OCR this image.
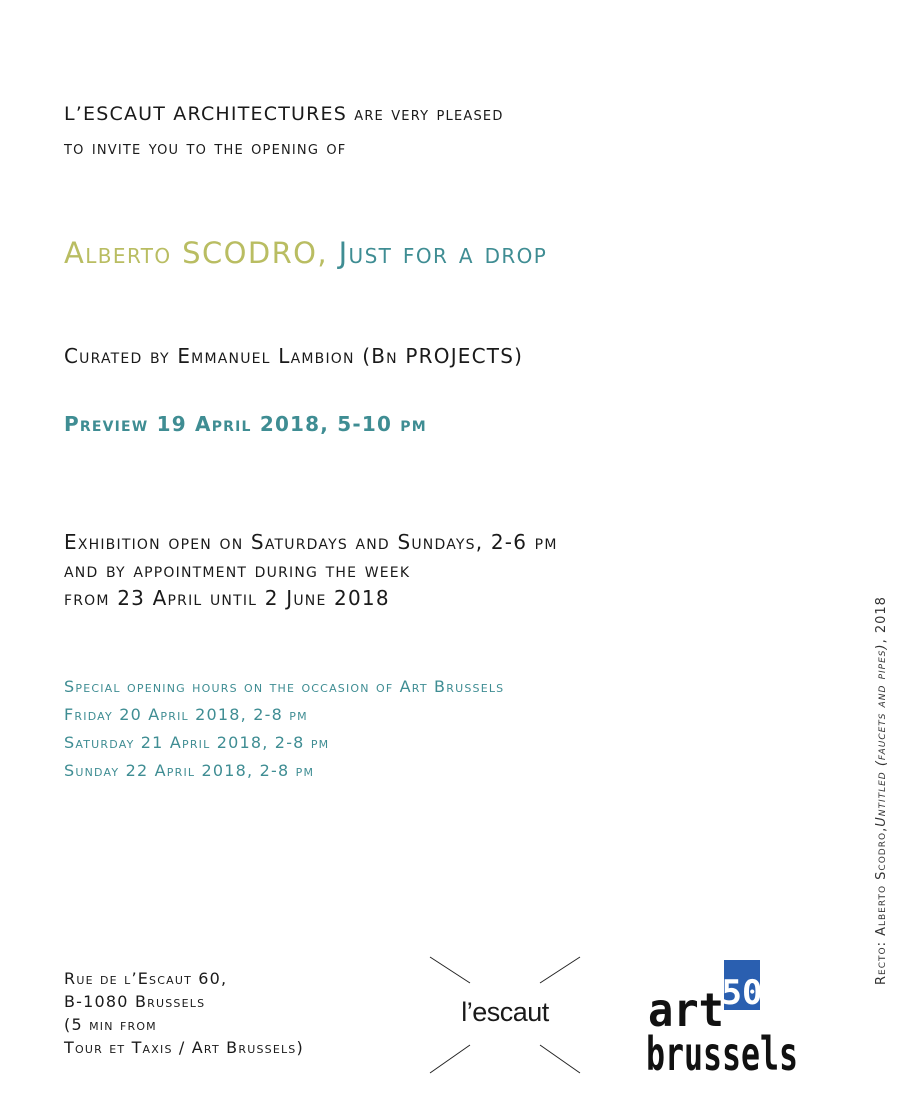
L’ESCAUT ARCHITECTURES are very pleased
to invite you to the opening of
Alberto SCODRO, Just for a drop
Curated by Emmanuel Lambion (Bn PROJECTS)
Preview 19 April 2018, 5-10 pm
Exhibition open on Saturdays and Sundays, 2-6 pm
and by appointment during the week
from 23 April until 2 June 2018
Special opening hours on the occasion of Art Brussels
Friday 20 April 2018, 2-8 pm
Saturday 21 April 2018, 2-8 pm
Sunday 22 April 2018, 2-8 pm
Rue de l’Escaut 60,
B-1080 Brussels
(5 min from
Tour et Taxis / Art Brussels)
l’escaut	50
art
brussels
Recto: Alberto Scodro,Untitled (faucets and pipes), 2018
